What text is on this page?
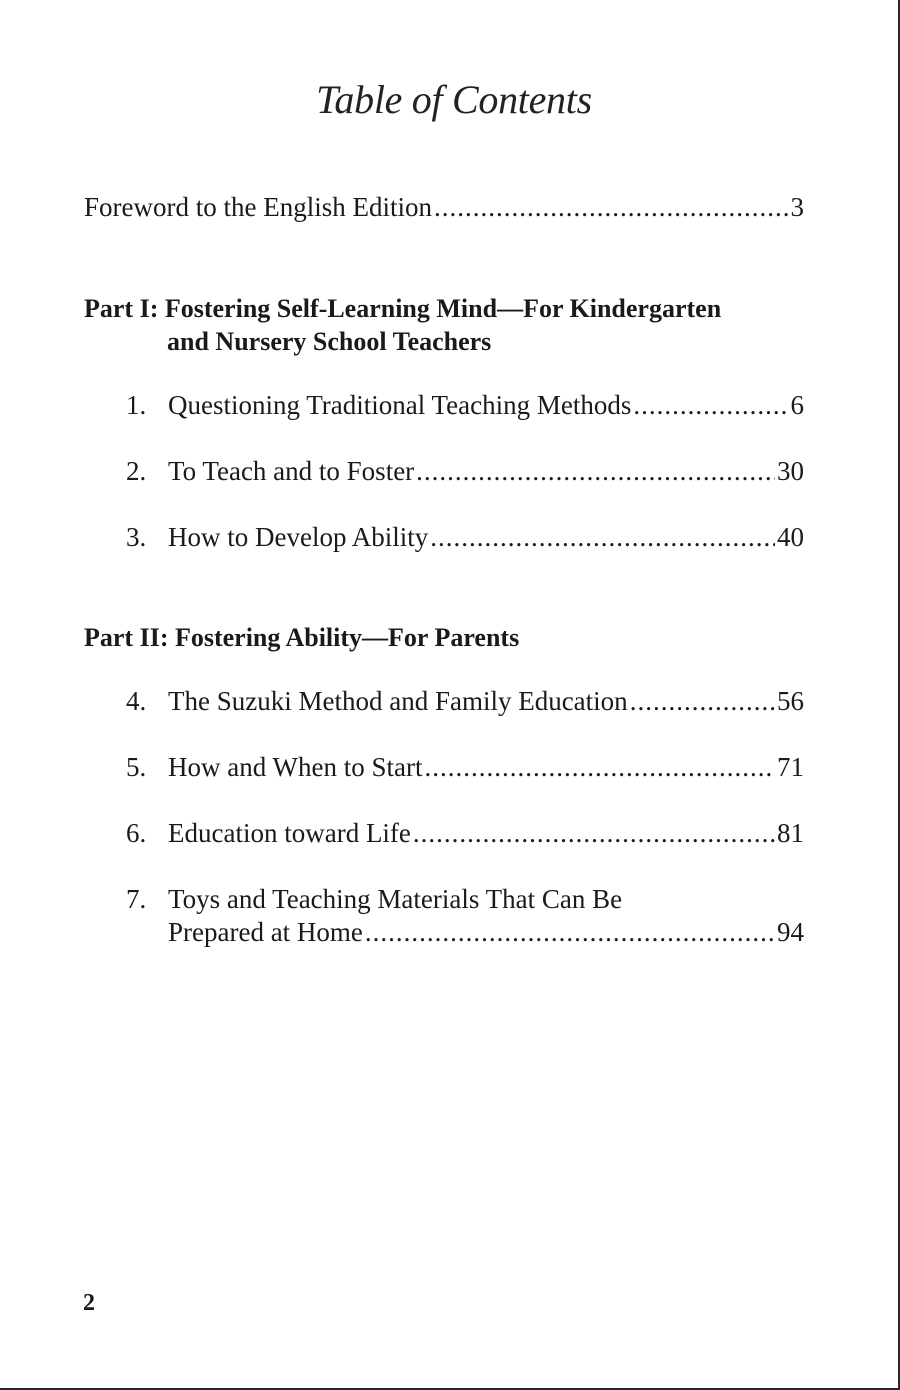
Table of Contents
Foreword to the English Edition .....	3
Part I: Fostering Self-Learning Mind—For Kindergarten
and Nursery School Teachers
1. Questioning Traditional Teaching Methods .....	6
2. To Teach and to Foster .....	30
3. How to Develop Ability .....	40
Part II: Fostering Ability—For Parents
4. The Suzuki Method and Family Education .....	56
5. How and When to Start .....	71
6. Education toward Life .....	81
7. Toys and Teaching Materials That Can Be
Prepared at Home .....	94
2
